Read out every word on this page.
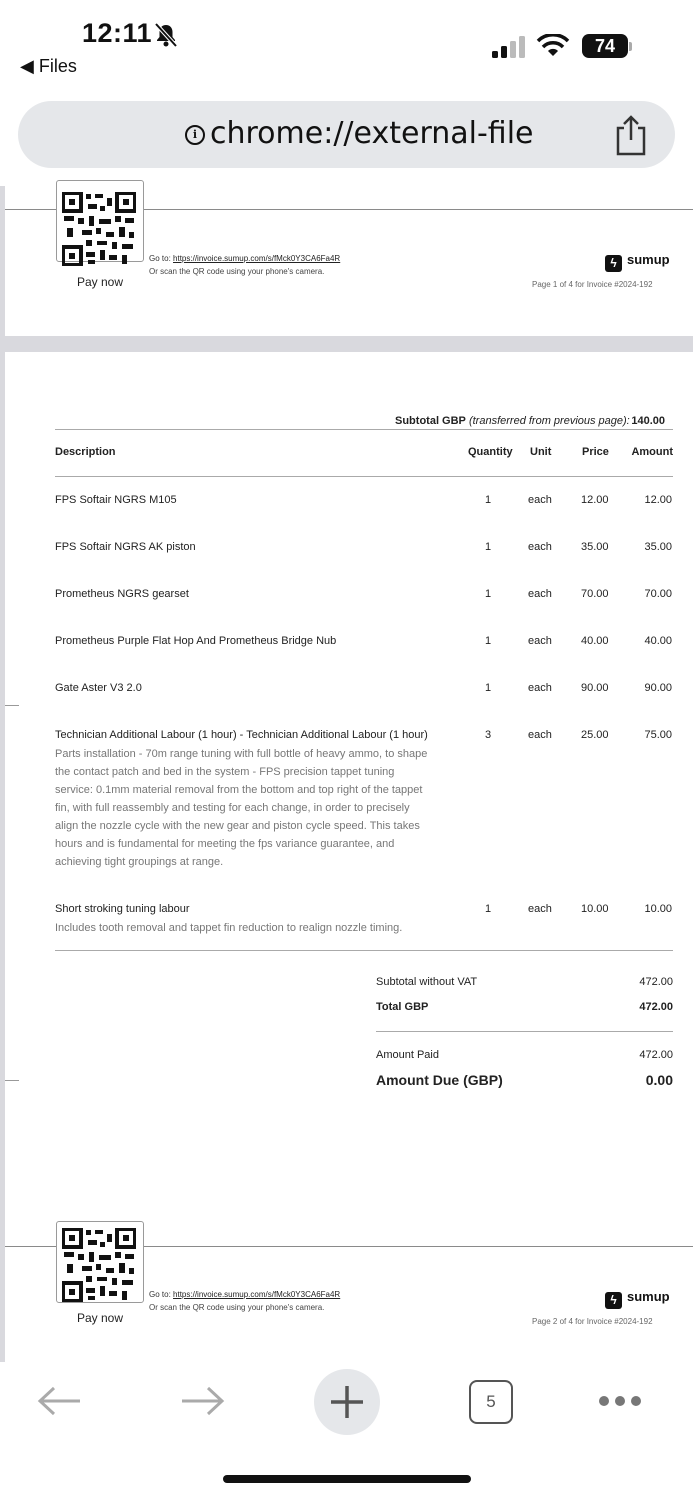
12:11
◀ Files
74
i chrome://external-file
Pay now
Go to: https://invoice.sumup.com/s/fMck0Y3CA6Fa4R
Or scan the QR code using your phone's camera.
ϟ sumup
Page 1 of 4 for Invoice #2024-192
Subtotal GBP (transferred from previous page): 140.00
Description	Quantity Unit	Price	Amount
FPS Softair NGRS M105	1	each	12.00	12.00
FPS Softair NGRS AK piston	1	each	35.00	35.00
Prometheus NGRS gearset	1	each	70.00	70.00
Prometheus Purple Flat Hop And Prometheus Bridge Nub	1	each	40.00	40.00
Gate Aster V3 2.0	1	each	90.00	90.00
Technician Additional Labour (1 hour) - Technician Additional Labour (1 hour)	3	each	25.00	75.00
Parts installation - 70m range tuning with full bottle of heavy ammo, to shape
the contact patch and bed in the system - FPS precision tappet tuning
service: 0.1mm material removal from the bottom and top right of the tappet
fin, with full reassembly and testing for each change, in order to precisely
align the nozzle cycle with the new gear and piston cycle speed. This takes
hours and is fundamental for meeting the fps variance guarantee, and
achieving tight groupings at range.
Short stroking tuning labour	1	each	10.00	10.00
Includes tooth removal and tappet fin reduction to realign nozzle timing.
Subtotal without VAT	472.00
Total GBP	472.00
Amount Paid	472.00
Amount Due (GBP)	0.00
Pay now
Go to: https://invoice.sumup.com/s/fMck0Y3CA6Fa4R
Or scan the QR code using your phone's camera.
ϟ sumup
Page 2 of 4 for Invoice #2024-192
5
